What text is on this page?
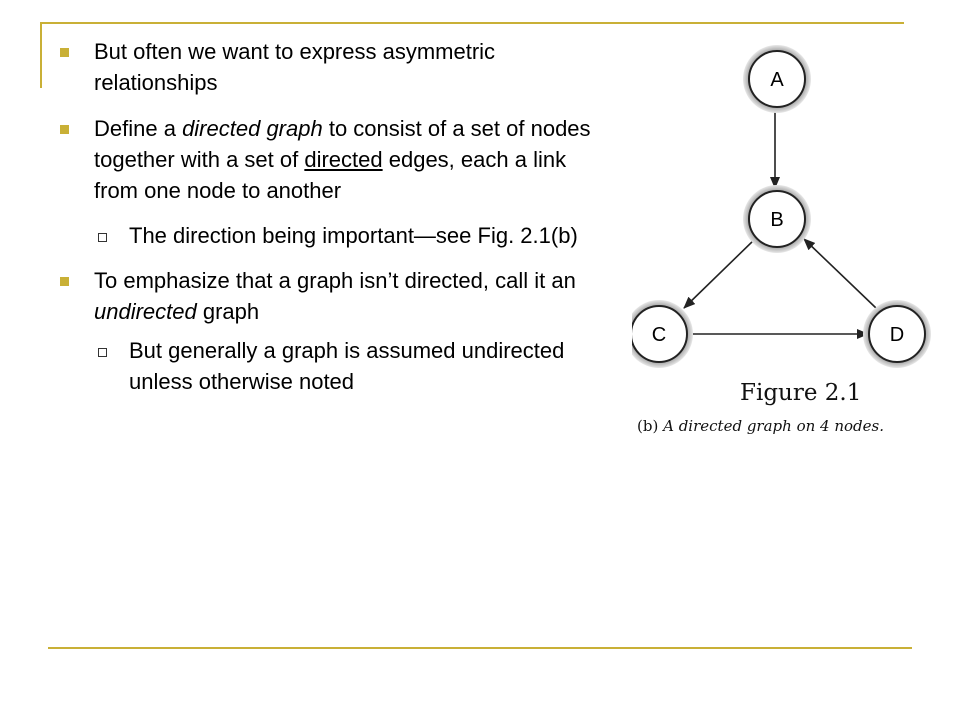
But often we want to express asymmetric relationships
Define a directed graph to consist of a set of nodes together with a set of directed edges, each a link from one node to another
The direction being important—see Fig. 2.1(b)
To emphasize that a graph isn’t directed, call it an undirected graph
But generally a graph is assumed undirected unless otherwise noted
A
B
C	D
Figure 2.1
(b) A directed graph on 4 nodes.
